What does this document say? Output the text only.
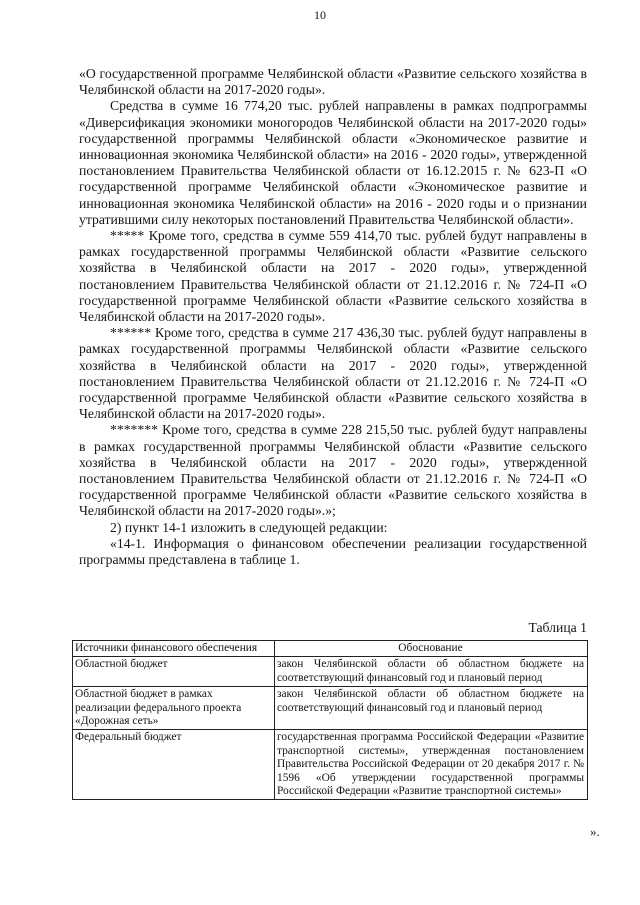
10

«О государственной программе Челябинской области «Развитие сельского хозяйства в Челябинской области на 2017-2020 годы».

Средства в сумме 16 774,20 тыс. рублей направлены в рамках подпрограммы «Диверсификация экономики моногородов Челябинской области на 2017-2020 годы» государственной программы Челябинской области «Экономическое развитие и инновационная экономика Челябинской области» на 2016 - 2020 годы», утвержденной постановлением Правительства Челябинской области от 16.12.2015 г. № 623-П «О государственной программе Челябинской области «Экономическое развитие и инновационная экономика Челябинской области» на 2016 - 2020 годы и о признании утратившими силу некоторых постановлений Правительства Челябинской области».

***** Кроме того, средства в сумме 559 414,70 тыс. рублей будут направлены в рамках государственной программы Челябинской области «Развитие сельского хозяйства в Челябинской области на 2017 - 2020 годы», утвержденной постановлением Правительства Челябинской области от 21.12.2016 г. № 724-П «О государственной программе Челябинской области «Развитие сельского хозяйства в Челябинской области на 2017-2020 годы».

****** Кроме того, средства в сумме 217 436,30 тыс. рублей будут направлены в рамках государственной программы Челябинской области «Развитие сельского хозяйства в Челябинской области на 2017 - 2020 годы», утвержденной постановлением Правительства Челябинской области от 21.12.2016 г. № 724-П «О государственной программе Челябинской области «Развитие сельского хозяйства в Челябинской области на 2017-2020 годы».

******* Кроме того, средства в сумме 228 215,50 тыс. рублей будут направлены в рамках государственной программы Челябинской области «Развитие сельского хозяйства в Челябинской области на 2017 - 2020 годы», утвержденной постановлением Правительства Челябинской области от 21.12.2016 г. № 724-П «О государственной программе Челябинской области «Развитие сельского хозяйства в Челябинской области на 2017-2020 годы».»;

2) пункт 14-1 изложить в следующей редакции:

«14-1. Информация о финансовом обеспечении реализации государственной программы представлена в таблице 1.

Таблица 1
Источники финансового обеспечения	Обоснование
Областной бюджет	закон Челябинской области об областном бюджете на соответствующий финансовый год и плановый период
Областной бюджет в рамках реализации федерального проекта «Дорожная сеть»	закон Челябинской области об областном бюджете на соответствующий финансовый год и плановый период
Федеральный бюджет	государственная программа Российской Федерации «Развитие транспортной системы», утвержденная постановлением Правительства Российской Федерации от 20 декабря 2017 г. № 1596 «Об утверждении государственной программы Российской Федерации «Развитие транспортной системы»
».
